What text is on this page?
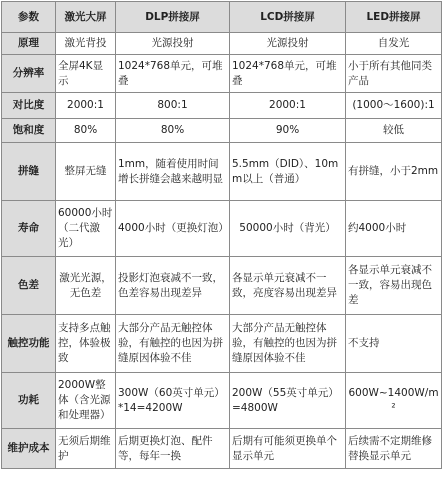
参数	激光大屏	DLP拼接屏	LCD拼接屏	LED拼接屏
原理	激光背投	光源投射	光源投射	自发光
分辨率	全屏4K显示	1024*768单元，可堆叠	1024*768单元，可堆叠	小于所有其他同类产品
对比度	2000:1	800:1	2000:1	(1000～1600):1
饱和度	80%	80%	90%	较低
拼缝	整屏无缝	1mm，随着使用时间增长拼缝会越来越明显	5.5mm（DID）、10mm以上（普通）	有拼缝，小于2mm
寿命	60000小时（二代激光）	4000小时（更换灯泡）	50000小时（背光）	约4000小时
色差	激光光源，无色差	投影灯泡衰减不一致，色差容易出现差异	各显示单元衰减不一致，亮度容易出现差异	各显示单元衰减不一致，容易出现色差
触控功能	支持多点触控，体验极致	大部分产品无触控体验，有触控的也因为拼缝原因体验不佳	大部分产品无触控体验，有触控的也因为拼缝原因体验不佳	不支持
功耗	2000W整体（含光源和处理器）	300W（60英寸单元）*14=4200W	200W（55英寸单元）=4800W	600W~1400W/m²
维护成本	无须后期维护	后期更换灯泡、配件等，每年一换	后期有可能须更换单个显示单元	后续需不定期维修替换显示单元
